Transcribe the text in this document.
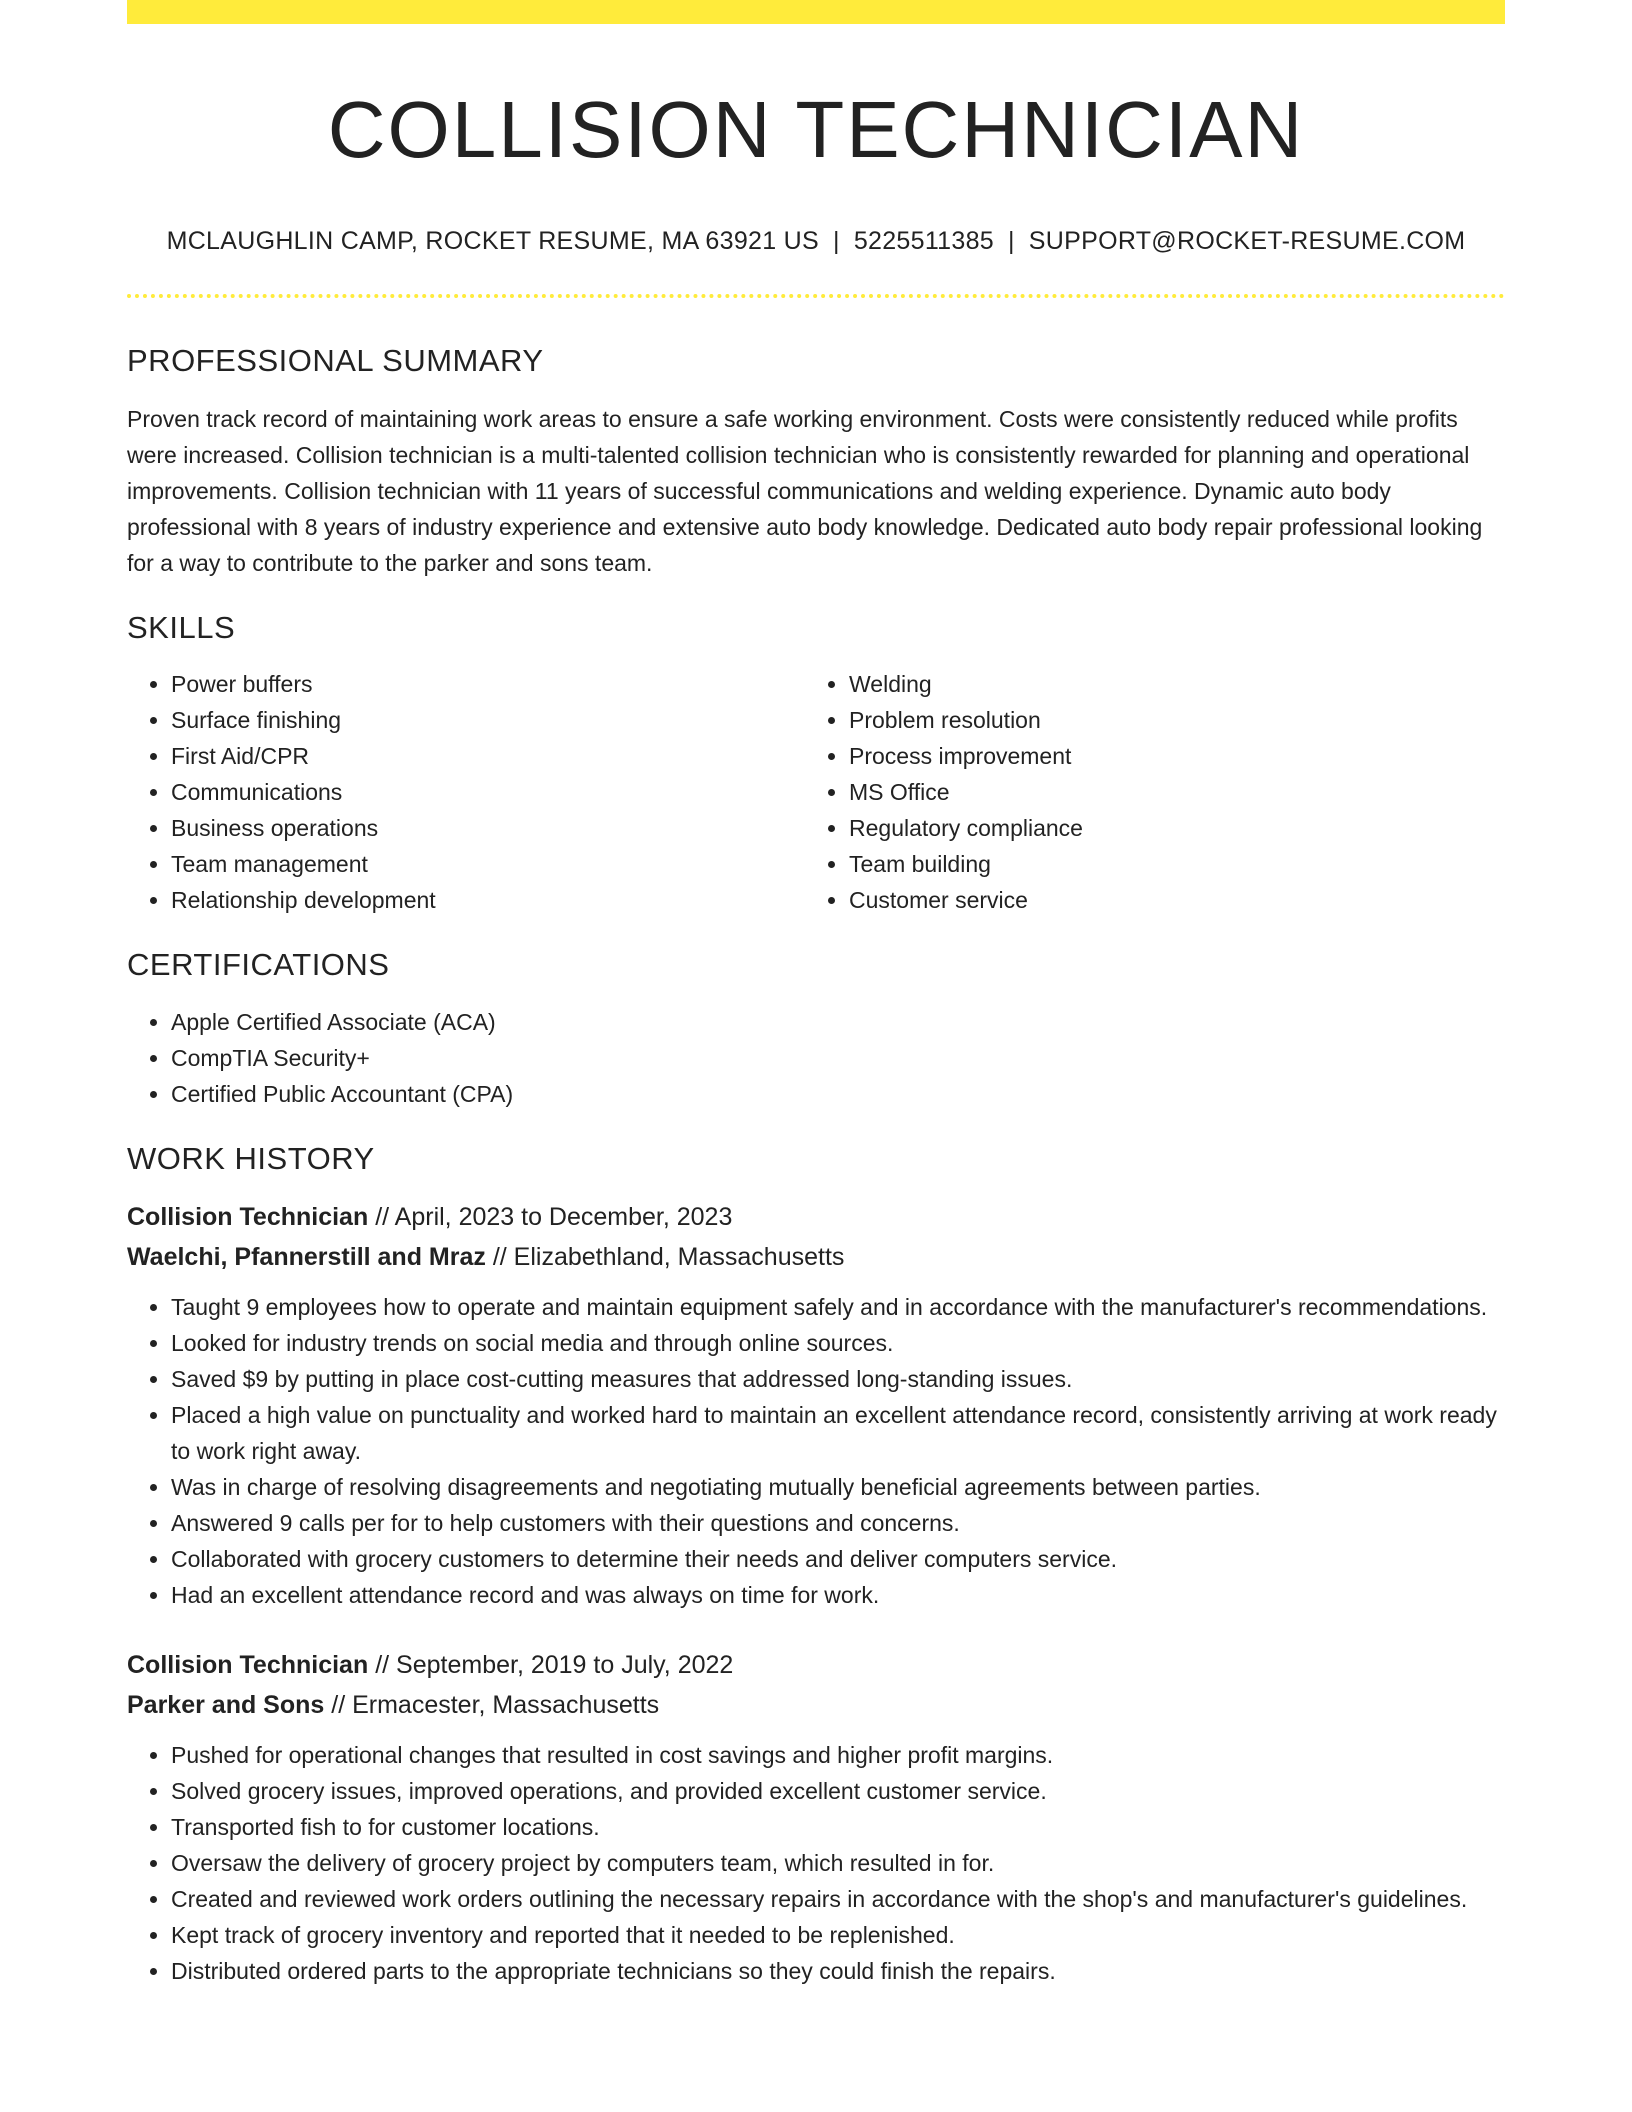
COLLISION TECHNICIAN
MCLAUGHLIN CAMP, ROCKET RESUME, MA 63921 US | 5225511385 | SUPPORT@ROCKET-RESUME.COM
PROFESSIONAL SUMMARY

Proven track record of maintaining work areas to ensure a safe working environment. Costs were consistently reduced while profits were increased. Collision technician is a multi-talented collision technician who is consistently rewarded for planning and operational improvements. Collision technician with 11 years of successful communications and welding experience. Dynamic auto body professional with 8 years of industry experience and extensive auto body knowledge. Dedicated auto body repair professional looking for a way to contribute to the parker and sons team.

SKILLS
• Power buffers
• Surface finishing
• First Aid/CPR
• Communications
• Business operations
• Team management
• Relationship development
• Welding
• Problem resolution
• Process improvement
• MS Office
• Regulatory compliance
• Team building
• Customer service
CERTIFICATIONS
• Apple Certified Associate (ACA)
• CompTIA Security+
• Certified Public Accountant (CPA)
WORK HISTORY
Collision Technician // April, 2023 to December, 2023
Waelchi, Pfannerstill and Mraz // Elizabethland, Massachusetts
• Taught 9 employees how to operate and maintain equipment safely and in accordance with the manufacturer's recommendations.
• Looked for industry trends on social media and through online sources.
• Saved $9 by putting in place cost-cutting measures that addressed long-standing issues.
• Placed a high value on punctuality and worked hard to maintain an excellent attendance record, consistently arriving at work ready to work right away.
• Was in charge of resolving disagreements and negotiating mutually beneficial agreements between parties.
• Answered 9 calls per for to help customers with their questions and concerns.
• Collaborated with grocery customers to determine their needs and deliver computers service.
• Had an excellent attendance record and was always on time for work.
Collision Technician // September, 2019 to July, 2022
Parker and Sons // Ermacester, Massachusetts
• Pushed for operational changes that resulted in cost savings and higher profit margins.
• Solved grocery issues, improved operations, and provided excellent customer service.
• Transported fish to for customer locations.
• Oversaw the delivery of grocery project by computers team, which resulted in for.
• Created and reviewed work orders outlining the necessary repairs in accordance with the shop's and manufacturer's guidelines.
• Kept track of grocery inventory and reported that it needed to be replenished.
• Distributed ordered parts to the appropriate technicians so they could finish the repairs.
